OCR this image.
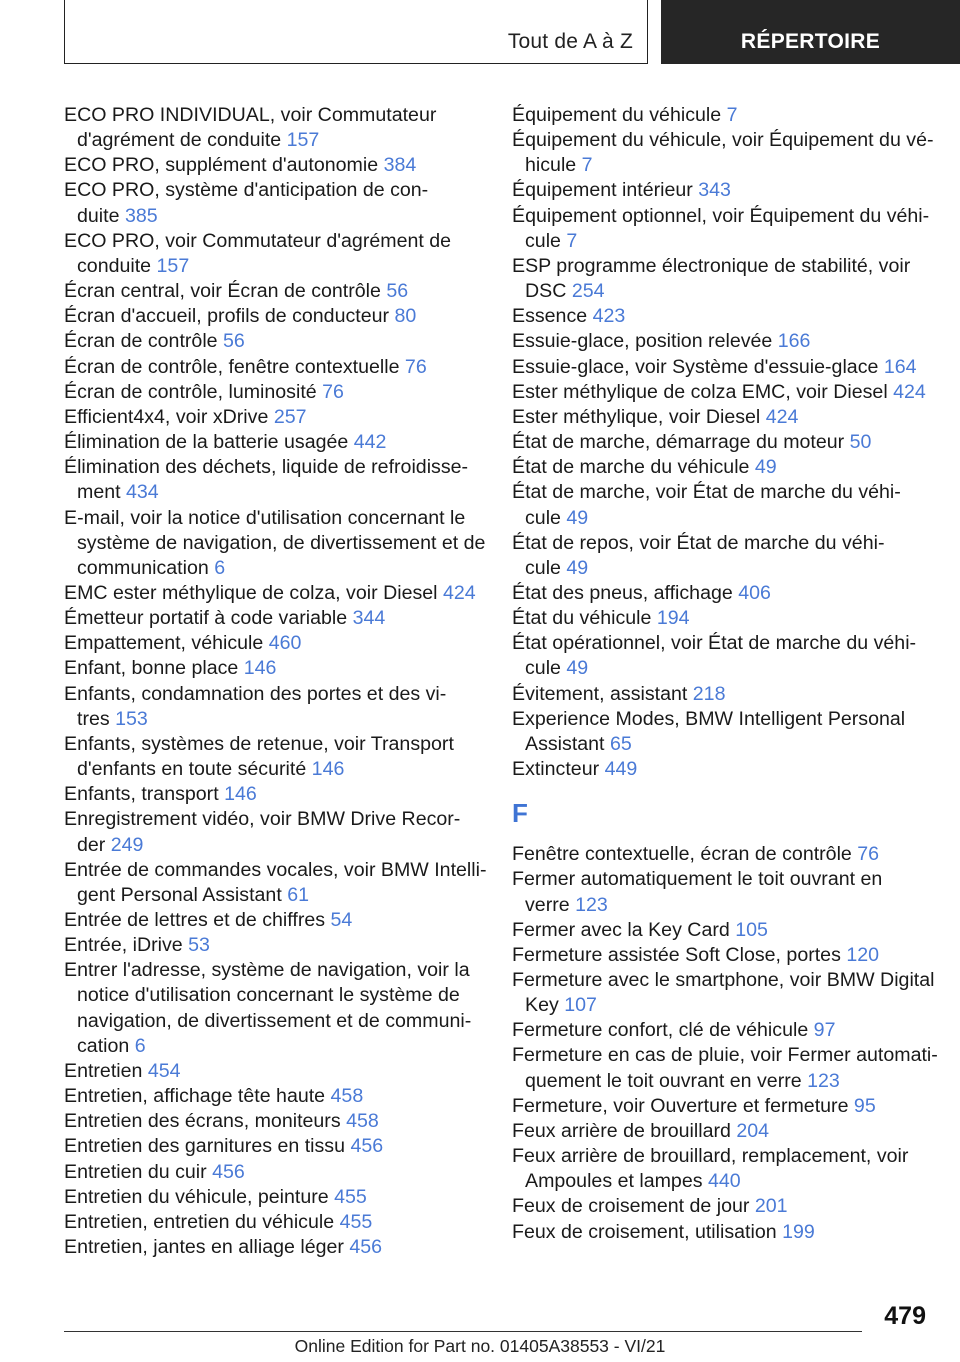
Tout de A à Z	RÉPERTOIRE
ECO PRO INDIVIDUAL, voir Commutateur
d'agrément de conduite 157
ECO PRO, supplément d'autonomie 384
ECO PRO, système d'anticipation de con‐
duite 385
ECO PRO, voir Commutateur d'agrément de
conduite 157
Écran central, voir Écran de contrôle 56
Écran d'accueil, profils de conducteur 80
Écran de contrôle 56
Écran de contrôle, fenêtre contextuelle 76
Écran de contrôle, luminosité 76
Efficient4x4, voir xDrive 257
Élimination de la batterie usagée 442
Élimination des déchets, liquide de refroidisse‐
ment 434
E-mail, voir la notice d'utilisation concernant le
système de navigation, de divertissement et de
communication 6
EMC ester méthylique de colza, voir Diesel 424
Émetteur portatif à code variable 344
Empattement, véhicule 460
Enfant, bonne place 146
Enfants, condamnation des portes et des vi‐
tres 153
Enfants, systèmes de retenue, voir Transport
d'enfants en toute sécurité 146
Enfants, transport 146
Enregistrement vidéo, voir BMW Drive Recor‐
der 249
Entrée de commandes vocales, voir BMW Intelli‐
gent Personal Assistant 61
Entrée de lettres et de chiffres 54
Entrée, iDrive 53
Entrer l'adresse, système de navigation, voir la
notice d'utilisation concernant le système de
navigation, de divertissement et de communi‐
cation 6
Entretien 454
Entretien, affichage tête haute 458
Entretien des écrans, moniteurs 458
Entretien des garnitures en tissu 456
Entretien du cuir 456
Entretien du véhicule, peinture 455
Entretien, entretien du véhicule 455
Entretien, jantes en alliage léger 456
Équipement du véhicule 7
Équipement du véhicule, voir Équipement du vé‐
hicule 7
Équipement intérieur 343
Équipement optionnel, voir Équipement du véhi‐
cule 7
ESP programme électronique de stabilité, voir
DSC 254
Essence 423
Essuie-glace, position relevée 166
Essuie-glace, voir Système d'essuie-glace 164
Ester méthylique de colza EMC, voir Diesel 424
Ester méthylique, voir Diesel 424
État de marche, démarrage du moteur 50
État de marche du véhicule 49
État de marche, voir État de marche du véhi‐
cule 49
État de repos, voir État de marche du véhi‐
cule 49
État des pneus, affichage 406
État du véhicule 194
État opérationnel, voir État de marche du véhi‐
cule 49
Évitement, assistant 218
Experience Modes, BMW Intelligent Personal
Assistant 65
Extincteur 449
F
Fenêtre contextuelle, écran de contrôle 76
Fermer automatiquement le toit ouvrant en
verre 123
Fermer avec la Key Card 105
Fermeture assistée Soft Close, portes 120
Fermeture avec le smartphone, voir BMW Digital
Key 107
Fermeture confort, clé de véhicule 97
Fermeture en cas de pluie, voir Fermer automati‐
quement le toit ouvrant en verre 123
Fermeture, voir Ouverture et fermeture 95
Feux arrière de brouillard 204
Feux arrière de brouillard, remplacement, voir
Ampoules et lampes 440
Feux de croisement de jour 201
Feux de croisement, utilisation 199
479
Online Edition for Part no. 01405A38553 - VI/21
